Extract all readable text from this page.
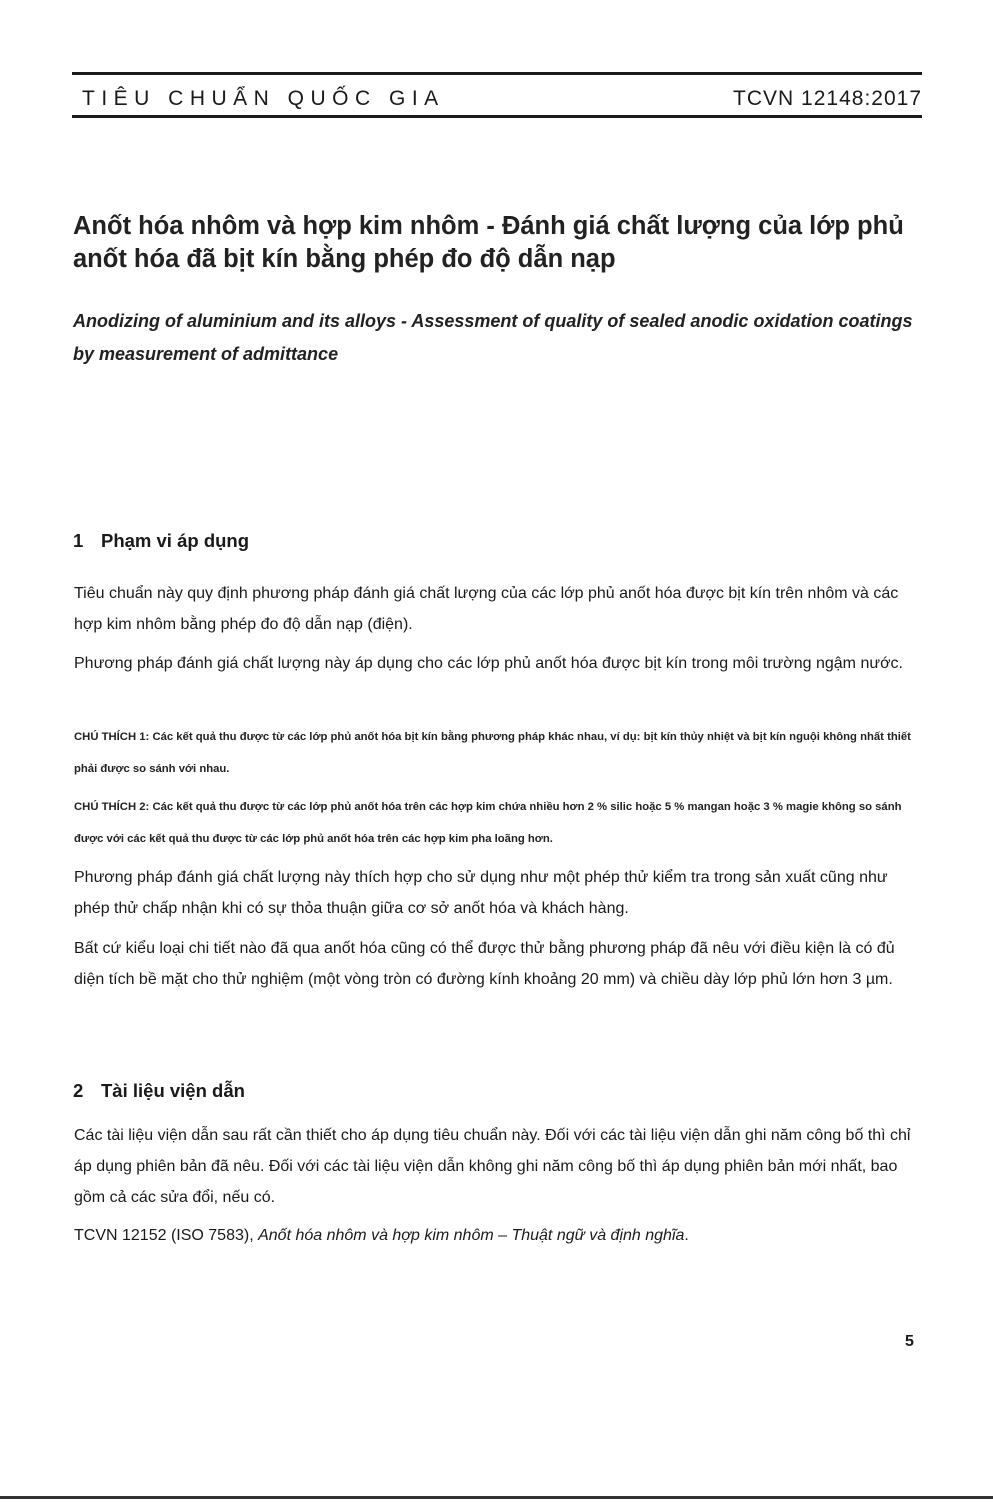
TIÊU CHUẨN QUỐC GIA	TCVN 12148:2017
Anốt hóa nhôm và hợp kim nhôm - Đánh giá chất lượng của lớp phủ anốt hóa đã bịt kín bằng phép đo độ dẫn nạp
Anodizing of aluminium and its alloys - Assessment of quality of sealed anodic oxidation coatings by measurement of admittance
1 Phạm vi áp dụng
Tiêu chuẩn này quy định phương pháp đánh giá chất lượng của các lớp phủ anốt hóa được bịt kín trên nhôm và các hợp kim nhôm bằng phép đo độ dẫn nạp (điện).
Phương pháp đánh giá chất lượng này áp dụng cho các lớp phủ anốt hóa được bịt kín trong môi trường ngậm nước.
CHÚ THÍCH 1: Các kết quả thu được từ các lớp phủ anốt hóa bịt kín bằng phương pháp khác nhau, ví dụ: bịt kín thủy nhiệt và bịt kín nguội không nhất thiết phải được so sánh với nhau.
CHÚ THÍCH 2: Các kết quả thu được từ các lớp phủ anốt hóa trên các hợp kim chứa nhiều hơn 2 % silic hoặc 5 % mangan hoặc 3 % magie không so sánh được với các kết quả thu được từ các lớp phủ anốt hóa trên các hợp kim pha loãng hơn.
Phương pháp đánh giá chất lượng này thích hợp cho sử dụng như một phép thử kiểm tra trong sản xuất cũng như phép thử chấp nhận khi có sự thỏa thuận giữa cơ sở anốt hóa và khách hàng.
Bất cứ kiểu loại chi tiết nào đã qua anốt hóa cũng có thể được thử bằng phương pháp đã nêu với điều kiện là có đủ diện tích bề mặt cho thử nghiệm (một vòng tròn có đường kính khoảng 20 mm) và chiều dày lớp phủ lớn hơn 3 µm.
2 Tài liệu viện dẫn
Các tài liệu viện dẫn sau rất cần thiết cho áp dụng tiêu chuẩn này. Đối với các tài liệu viện dẫn ghi năm công bố thì chỉ áp dụng phiên bản đã nêu. Đối với các tài liệu viện dẫn không ghi năm công bố thì áp dụng phiên bản mới nhất, bao gồm cả các sửa đổi, nếu có.
TCVN 12152 (ISO 7583), Anốt hóa nhôm và hợp kim nhôm – Thuật ngữ và định nghĩa.
5
